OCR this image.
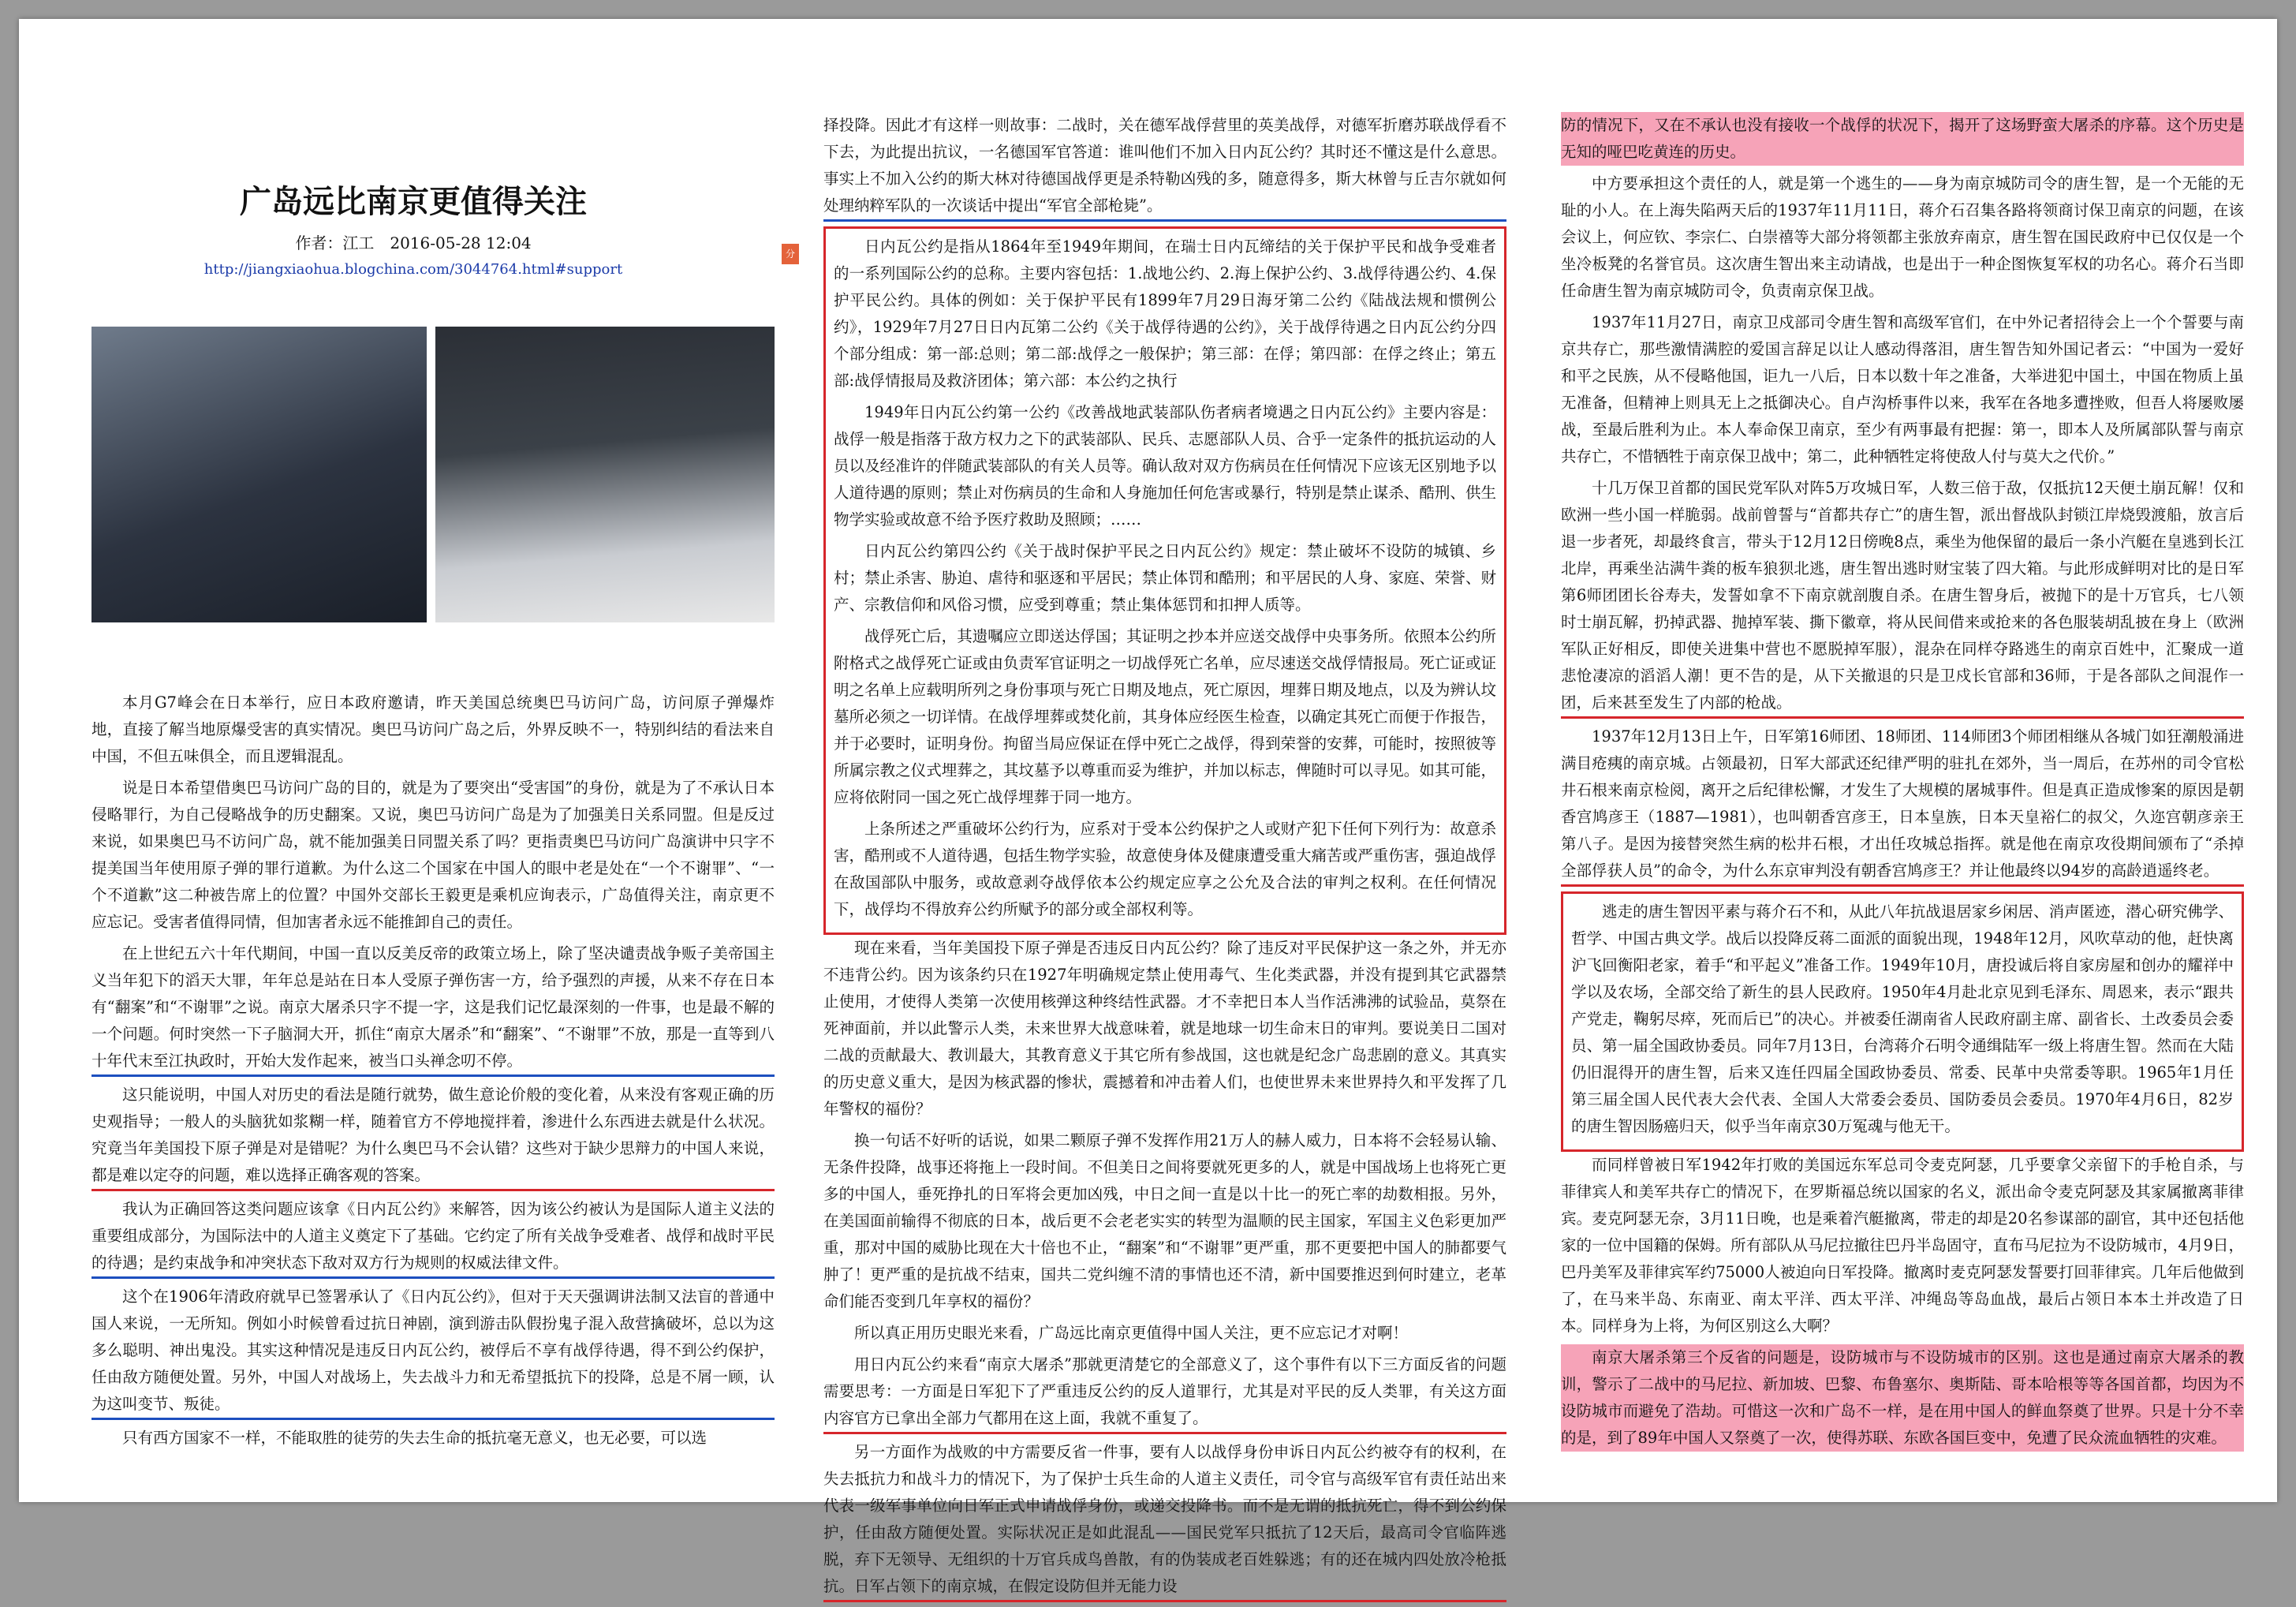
广岛远比南京更值得关注
作者：江工　2016-05-28 12:04
http://jiangxiaohua.blogchina.com/3044764.html#support
分

本月G7峰会在日本举行，应日本政府邀请，昨天美国总统奥巴马访问广岛，访问原子弹爆炸地，直接了解当地原爆受害的真实情况。奥巴马访问广岛之后，外界反映不一，特别纠结的看法来自中国，不但五味俱全，而且逻辑混乱。

说是日本希望借奥巴马访问广岛的目的，就是为了要突出“受害国”的身份，就是为了不承认日本侵略罪行，为自己侵略战争的历史翻案。又说，奥巴马访问广岛是为了加强美日关系同盟。但是反过来说，如果奥巴马不访问广岛，就不能加强美日同盟关系了吗？更指责奥巴马访问广岛演讲中只字不提美国当年使用原子弹的罪行道歉。为什么这二个国家在中国人的眼中老是处在“一个不谢罪”、“一个不道歉”这二种被告席上的位置？中国外交部长王毅更是乘机应询表示，广岛值得关注，南京更不应忘记。受害者值得同情，但加害者永远不能推卸自己的责任。

在上世纪五六十年代期间，中国一直以反美反帝的政策立场上，除了坚决谴责战争贩子美帝国主义当年犯下的滔天大罪，年年总是站在日本人受原子弹伤害一方，给予强烈的声援，从来不存在日本有“翻案”和“不谢罪”之说。南京大屠杀只字不提一字，这是我们记忆最深刻的一件事，也是最不解的一个问题。何时突然一下子脑洞大开，抓住“南京大屠杀”和“翻案”、“不谢罪”不放，那是一直等到八十年代末至江执政时，开始大发作起来，被当口头禅念叨不停。

这只能说明，中国人对历史的看法是随行就势，做生意论价般的变化着，从来没有客观正确的历史观指导；一般人的头脑犹如浆糊一样，随着官方不停地搅拌着，渗进什么东西进去就是什么状况。究竟当年美国投下原子弹是对是错呢？为什么奥巴马不会认错？这些对于缺少思辩力的中国人来说，都是难以定夺的问题，难以选择正确客观的答案。

我认为正确回答这类问题应该拿《日内瓦公约》来解答，因为该公约被认为是国际人道主义法的重要组成部分，为国际法中的人道主义奠定下了基础。它约定了所有关战争受难者、战俘和战时平民的待遇；是约束战争和冲突状态下敌对双方行为规则的权威法律文件。

这个在1906年清政府就早已签署承认了《日内瓦公约》，但对于天天强调讲法制又法盲的普通中国人来说，一无所知。例如小时候曾看过抗日神剧，演到游击队假扮鬼子混入敌营擒破坏，总以为这多么聪明、神出鬼没。其实这种情况是违反日内瓦公约，被俘后不享有战俘待遇，得不到公约保护，任由敌方随便处置。另外，中国人对战场上，失去战斗力和无希望抵抗下的投降，总是不屑一顾，认为这叫变节、叛徒。

只有西方国家不一样，不能取胜的徒劳的失去生命的抵抗毫无意义，也无必要，可以选

择投降。因此才有这样一则故事：二战时，关在德军战俘营里的英美战俘，对德军折磨苏联战俘看不下去，为此提出抗议，一名德国军官答道：谁叫他们不加入日内瓦公约？其时还不懂这是什么意思。事实上不加入公约的斯大林对待德国战俘更是杀特勒凶残的多，随意得多，斯大林曾与丘吉尔就如何处理纳粹军队的一次谈话中提出“军官全部枪毙”。

日内瓦公约是指从1864年至1949年期间，在瑞士日内瓦缔结的关于保护平民和战争受难者的一系列国际公约的总称。主要内容包括：1.战地公约、2.海上保护公约、3.战俘待遇公约、4.保护平民公约。具体的例如：关于保护平民有1899年7月29日海牙第二公约《陆战法规和惯例公约》，1929年7月27日日内瓦第二公约《关于战俘待遇的公约》，关于战俘待遇之日内瓦公约分四个部分组成：第一部:总则；第二部:战俘之一般保护；第三部：在俘；第四部：在俘之终止；第五部:战俘情报局及救济团体；第六部：本公约之执行

1949年日内瓦公约第一公约《改善战地武装部队伤者病者境遇之日内瓦公约》主要内容是：战俘一般是指落于敌方权力之下的武装部队、民兵、志愿部队人员、合乎一定条件的抵抗运动的人员以及经准许的伴随武装部队的有关人员等。确认敌对双方伤病员在任何情况下应该无区别地予以人道待遇的原则；禁止对伤病员的生命和人身施加任何危害或暴行，特别是禁止谋杀、酷刑、供生物学实验或故意不给予医疗救助及照顾；……

日内瓦公约第四公约《关于战时保护平民之日内瓦公约》规定：禁止破坏不设防的城镇、乡村；禁止杀害、胁迫、虐待和驱逐和平居民；禁止体罚和酷刑；和平居民的人身、家庭、荣誉、财产、宗教信仰和风俗习惯，应受到尊重；禁止集体惩罚和扣押人质等。

战俘死亡后，其遗嘱应立即送达俘国；其证明之抄本并应送交战俘中央事务所。依照本公约所附格式之战俘死亡证或由负责军官证明之一切战俘死亡名单，应尽速送交战俘情报局。死亡证或证明之名单上应载明所列之身份事项与死亡日期及地点，死亡原因，埋葬日期及地点，以及为辨认坟墓所必须之一切详情。在战俘埋葬或焚化前，其身体应经医生检查，以确定其死亡而便于作报告，并于必要时，证明身份。拘留当局应保证在俘中死亡之战俘，得到荣誉的安葬，可能时，按照彼等所属宗教之仪式埋葬之，其坟墓予以尊重而妥为维护，并加以标志，俾随时可以寻见。如其可能，应将依附同一国之死亡战俘埋葬于同一地方。

上条所述之严重破坏公约行为，应系对于受本公约保护之人或财产犯下任何下列行为：故意杀害，酷刑或不人道待遇，包括生物学实验，故意使身体及健康遭受重大痛苦或严重伤害，强迫战俘在敌国部队中服务，或故意剥夺战俘依本公约规定应享之公允及合法的审判之权利。在任何情况下，战俘均不得放弃公约所赋予的部分或全部权利等。

现在来看，当年美国投下原子弹是否违反日内瓦公约？除了违反对平民保护这一条之外，并无亦不违背公约。因为该条约只在1927年明确规定禁止使用毒气、生化类武器，并没有提到其它武器禁止使用，才使得人类第一次使用核弹这种终结性武器。才不幸把日本人当作活沸沸的试验品，莫祭在死神面前，并以此警示人类，未来世界大战意味着，就是地球一切生命末日的审判。要说美日二国对二战的贡献最大、教训最大，其教育意义于其它所有参战国，这也就是纪念广岛悲剧的意义。其真实的历史意义重大，是因为核武器的惨状，震撼着和冲击着人们，也使世界未来世界持久和平发挥了几年警权的福份？

换一句话不好听的话说，如果二颗原子弹不发挥作用21万人的赫人威力，日本将不会轻易认输、无条件投降，战事还将拖上一段时间。不但美日之间将要就死更多的人，就是中国战场上也将死亡更多的中国人，垂死挣扎的日军将会更加凶残，中日之间一直是以十比一的死亡率的劫数相报。另外，在美国面前输得不彻底的日本，战后更不会老老实实的转型为温顺的民主国家，军国主义色彩更加严重，那对中国的威胁比现在大十倍也不止，“翻案”和“不谢罪”更严重，那不更要把中国人的肺都要气肿了！更严重的是抗战不结束，国共二党纠缠不清的事情也还不清，新中国要推迟到何时建立，老革命们能否变到几年享权的福份？

所以真正用历史眼光来看，广岛远比南京更值得中国人关注，更不应忘记才对啊！

用日内瓦公约来看“南京大屠杀”那就更清楚它的全部意义了，这个事件有以下三方面反省的问题需要思考：一方面是日军犯下了严重违反公约的反人道罪行，尤其是对平民的反人类罪，有关这方面内容官方已拿出全部力气都用在这上面，我就不重复了。

另一方面作为战败的中方需要反省一件事，要有人以战俘身份申诉日内瓦公约被夺有的权利，在失去抵抗力和战斗力的情况下，为了保护士兵生命的人道主义责任，司令官与高级军官有责任站出来代表一级军事单位向日军正式申请战俘身份，或递交投降书。而不是无谓的抵抗死亡，得不到公约保护，任由敌方随便处置。实际状况正是如此混乱——国民党军只抵抗了12天后，最高司令官临阵逃脱，弃下无领导、无组织的十万官兵成鸟兽散，有的伪装成老百姓躲逃；有的还在城内四处放冷枪抵抗。日军占领下的南京城，在假定设防但并无能力设

防的情况下，又在不承认也没有接收一个战俘的状况下，揭开了这场野蛮大屠杀的序幕。这个历史是无知的哑巴吃黄连的历史。

中方要承担这个责任的人，就是第一个逃生的——身为南京城防司令的唐生智，是一个无能的无耻的小人。在上海失陷两天后的1937年11月11日，蒋介石召集各路将领商讨保卫南京的问题，在该会议上，何应钦、李宗仁、白崇禧等大部分将领都主张放弃南京，唐生智在国民政府中已仅仅是一个坐冷板凳的名誉官员。这次唐生智出来主动请战，也是出于一种企图恢复军权的功名心。蒋介石当即任命唐生智为南京城防司令，负责南京保卫战。

1937年11月27日，南京卫戍部司令唐生智和高级军官们，在中外记者招待会上一个个誓要与南京共存亡，那些激情满腔的爱国言辞足以让人感动得落泪，唐生智告知外国记者云：“中国为一爱好和平之民族，从不侵略他国，讵九一八后，日本以数十年之准备，大举进犯中国土，中国在物质上虽无准备，但精神上则具无上之抵御决心。自卢沟桥事件以来，我军在各地多遭挫败，但吾人将屡败屡战，至最后胜利为止。本人奉命保卫南京，至少有两事最有把握：第一，即本人及所属部队誓与南京共存亡，不惜牺牲于南京保卫战中；第二，此种牺牲定将使敌人付与莫大之代价。”

十几万保卫首都的国民党军队对阵5万攻城日军，人数三倍于敌，仅抵抗12天便土崩瓦解！仅和欧洲一些小国一样脆弱。战前曾誓与“首都共存亡”的唐生智，派出督战队封锁江岸烧毁渡船，放言后退一步者死，却最终食言，带头于12月12日傍晚8点，乘坐为他保留的最后一条小汽艇在皇逃到长江北岸，再乘坐沾满牛粪的板车狼狈北逃，唐生智出逃时财宝装了四大箱。与此形成鲜明对比的是日军第6师团团长谷寿夫，发誓如拿不下南京就剖腹自杀。在唐生智身后，被抛下的是十万官兵，七八领时士崩瓦解，扔掉武器、抛掉军装、撕下徽章，将从民间借来或抢来的各色服装胡乱披在身上（欧洲军队正好相反，即使关进集中营也不愿脱掉军服），混杂在同样夺路逃生的南京百姓中，汇聚成一道悲怆凄凉的滔滔人潮！更不告的是，从下关撤退的只是卫戍长官部和36师，于是各部队之间混作一团，后来甚至发生了内部的枪战。

1937年12月13日上午，日军第16师团、18师团、114师团3个师团相继从各城门如狂潮般涌进满目疮痍的南京城。占领最初，日军大部武还纪律严明的驻扎在郊外，当一周后，在苏州的司令官松井石根来南京检阅，离开之后纪律松懈，才发生了大规模的屠城事件。但是真正造成惨案的原因是朝香宫鸠彦王（1887—1981），也叫朝香宫彦王，日本皇族，日本天皇裕仁的叔父，久迩宫朝彦亲王第八子。是因为接替突然生病的松井石根，才出任攻城总指挥。就是他在南京攻役期间颁布了“杀掉全部俘获人员”的命令，为什么东京审判没有朝香宫鸠彦王？并让他最终以94岁的高龄逍遥终老。

逃走的唐生智因平素与蒋介石不和，从此八年抗战退居家乡闲居、消声匿迹，潜心研究佛学、哲学、中国古典文学。战后以投降反蒋二面派的面貌出现，1948年12月，风吹草动的他，赶快离沪飞回衡阳老家，着手“和平起义”准备工作。1949年10月，唐投诚后将自家房屋和创办的耀祥中学以及农场，全部交给了新生的县人民政府。1950年4月赴北京见到毛泽东、周恩来，表示“跟共产党走，鞠躬尽瘁，死而后已”的决心。并被委任湖南省人民政府副主席、副省长、土改委员会委员、第一届全国政协委员。同年7月13日，台湾蒋介石明令通缉陆军一级上将唐生智。然而在大陆仍旧混得开的唐生智，后来又连任四届全国政协委员、常委、民革中央常委等职。1965年1月任第三届全国人民代表大会代表、全国人大常委会委员、国防委员会委员。1970年4月6日，82岁的唐生智因肠癌归天，似乎当年南京30万冤魂与他无干。

而同样曾被日军1942年打败的美国远东军总司令麦克阿瑟，几乎要拿父亲留下的手枪自杀，与菲律宾人和美军共存亡的情况下，在罗斯福总统以国家的名义，派出命令麦克阿瑟及其家属撤离菲律宾。麦克阿瑟无奈，3月11日晚，也是乘着汽艇撤离，带走的却是20名参谋部的副官，其中还包括他家的一位中国籍的保姆。所有部队从马尼拉撤往巴丹半岛固守，直布马尼拉为不设防城市，4月9日，巴丹美军及菲律宾军约75000人被迫向日军投降。撤离时麦克阿瑟发誓要打回菲律宾。几年后他做到了，在马来半岛、东南亚、南太平洋、西太平洋、冲绳岛等岛血战，最后占领日本本土并改造了日本。同样身为上将，为何区别这么大啊？

南京大屠杀第三个反省的问题是，设防城市与不设防城市的区别。这也是通过南京大屠杀的教训，警示了二战中的马尼拉、新加坡、巴黎、布鲁塞尔、奥斯陆、哥本哈根等等各国首都，均因为不设防城市而避免了浩劫。可惜这一次和广岛不一样，是在用中国人的鲜血祭奠了世界。只是十分不幸的是，到了89年中国人又祭奠了一次，使得苏联、东欧各国巨变中，免遭了民众流血牺牲的灾难。
